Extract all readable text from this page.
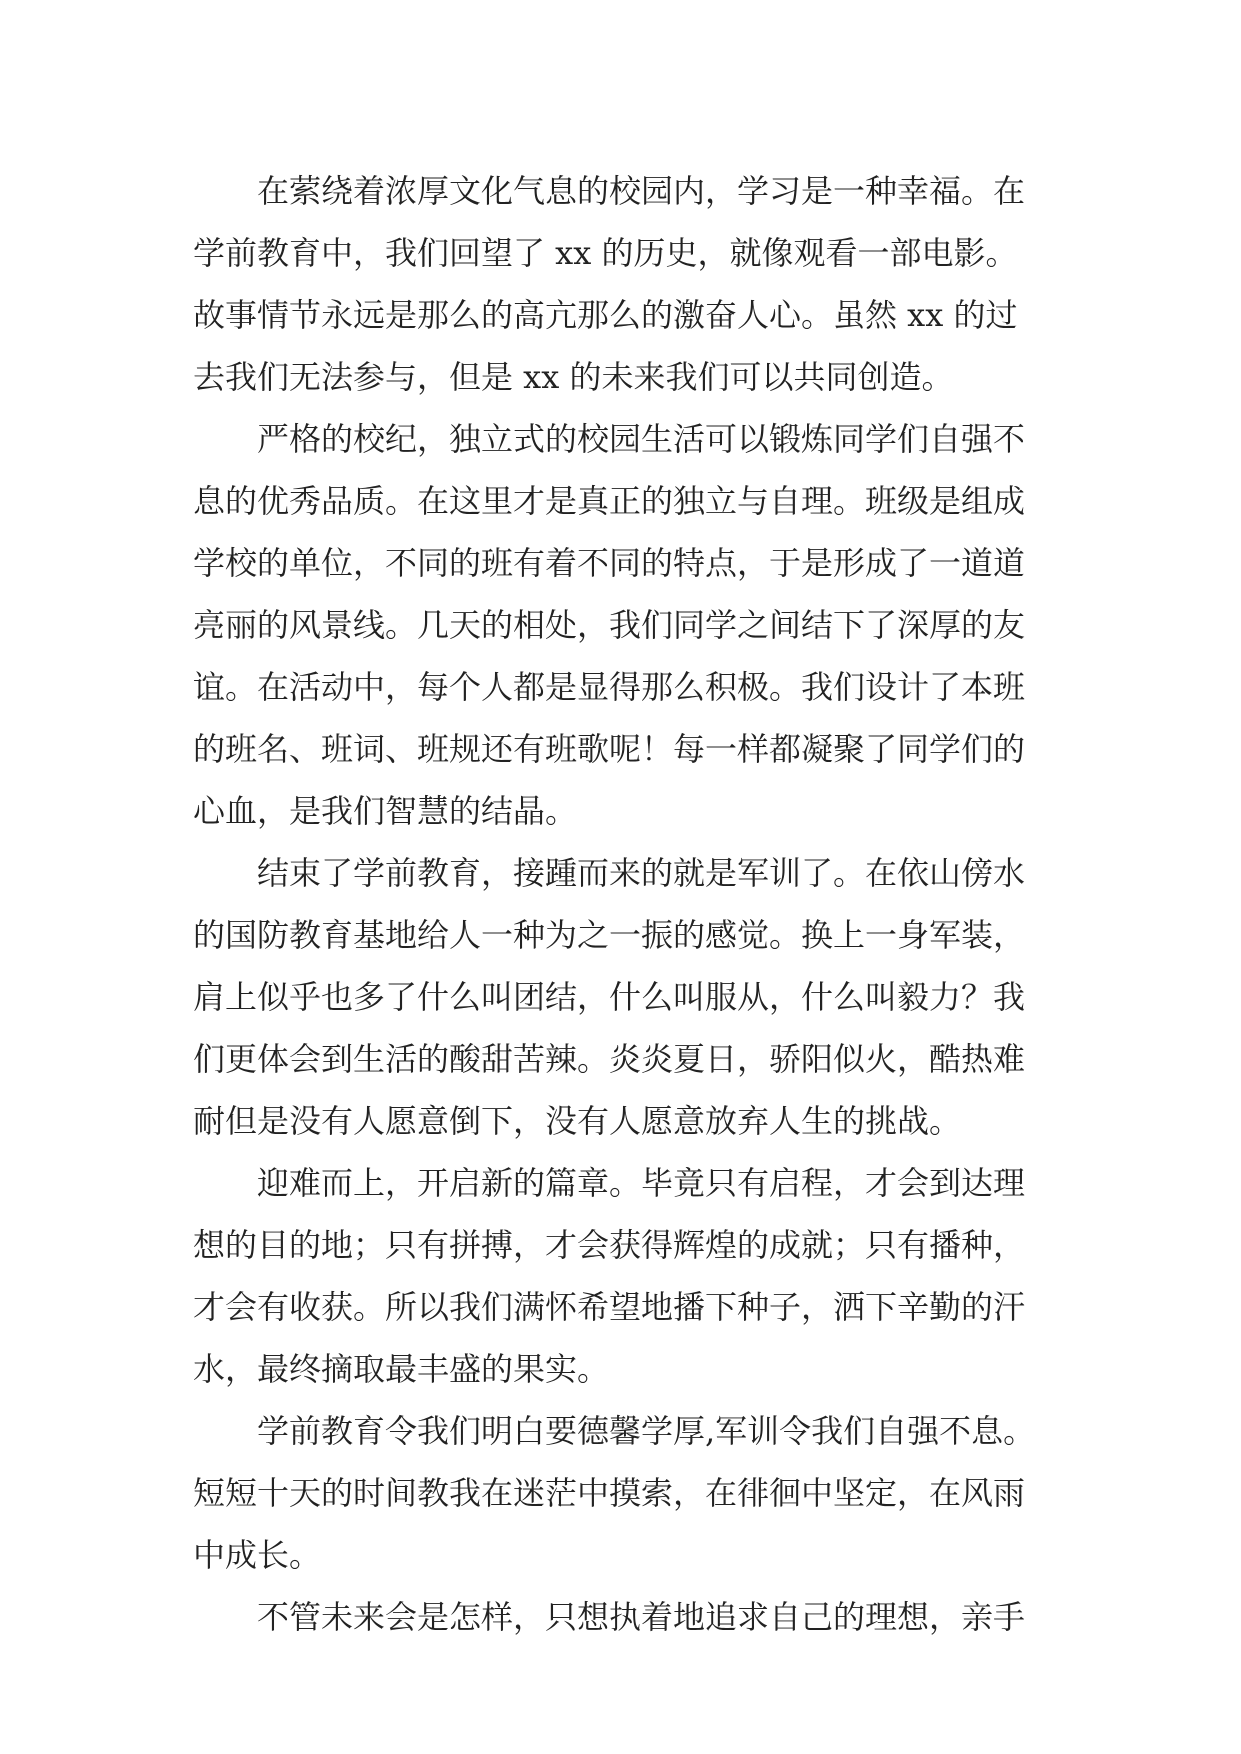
在萦绕着浓厚文化气息的校园内，学习是一种幸福。在
学前教育中，我们回望了 xx 的历史，就像观看一部电影。
故事情节永远是那么的高亢那么的激奋人心。虽然 xx 的过
去我们无法参与，但是 xx 的未来我们可以共同创造。
严格的校纪，独立式的校园生活可以锻炼同学们自强不
息的优秀品质。在这里才是真正的独立与自理。班级是组成
学校的单位，不同的班有着不同的特点，于是形成了一道道
亮丽的风景线。几天的相处，我们同学之间结下了深厚的友
谊。在活动中，每个人都是显得那么积极。我们设计了本班
的班名、班词、班规还有班歌呢！每一样都凝聚了同学们的
心血，是我们智慧的结晶。
结束了学前教育，接踵而来的就是军训了。在依山傍水
的国防教育基地给人一种为之一振的感觉。换上一身军装，
肩上似乎也多了什么叫团结，什么叫服从，什么叫毅力？我
们更体会到生活的酸甜苦辣。炎炎夏日，骄阳似火，酷热难
耐但是没有人愿意倒下，没有人愿意放弃人生的挑战。
迎难而上，开启新的篇章。毕竟只有启程，才会到达理
想的目的地；只有拼搏，才会获得辉煌的成就；只有播种，
才会有收获。所以我们满怀希望地播下种子，洒下辛勤的汗
水，最终摘取最丰盛的果实。
学前教育令我们明白要德馨学厚,军训令我们自强不息。
短短十天的时间教我在迷茫中摸索，在徘徊中坚定，在风雨
中成长。
不管未来会是怎样，只想执着地追求自己的理想，亲手
